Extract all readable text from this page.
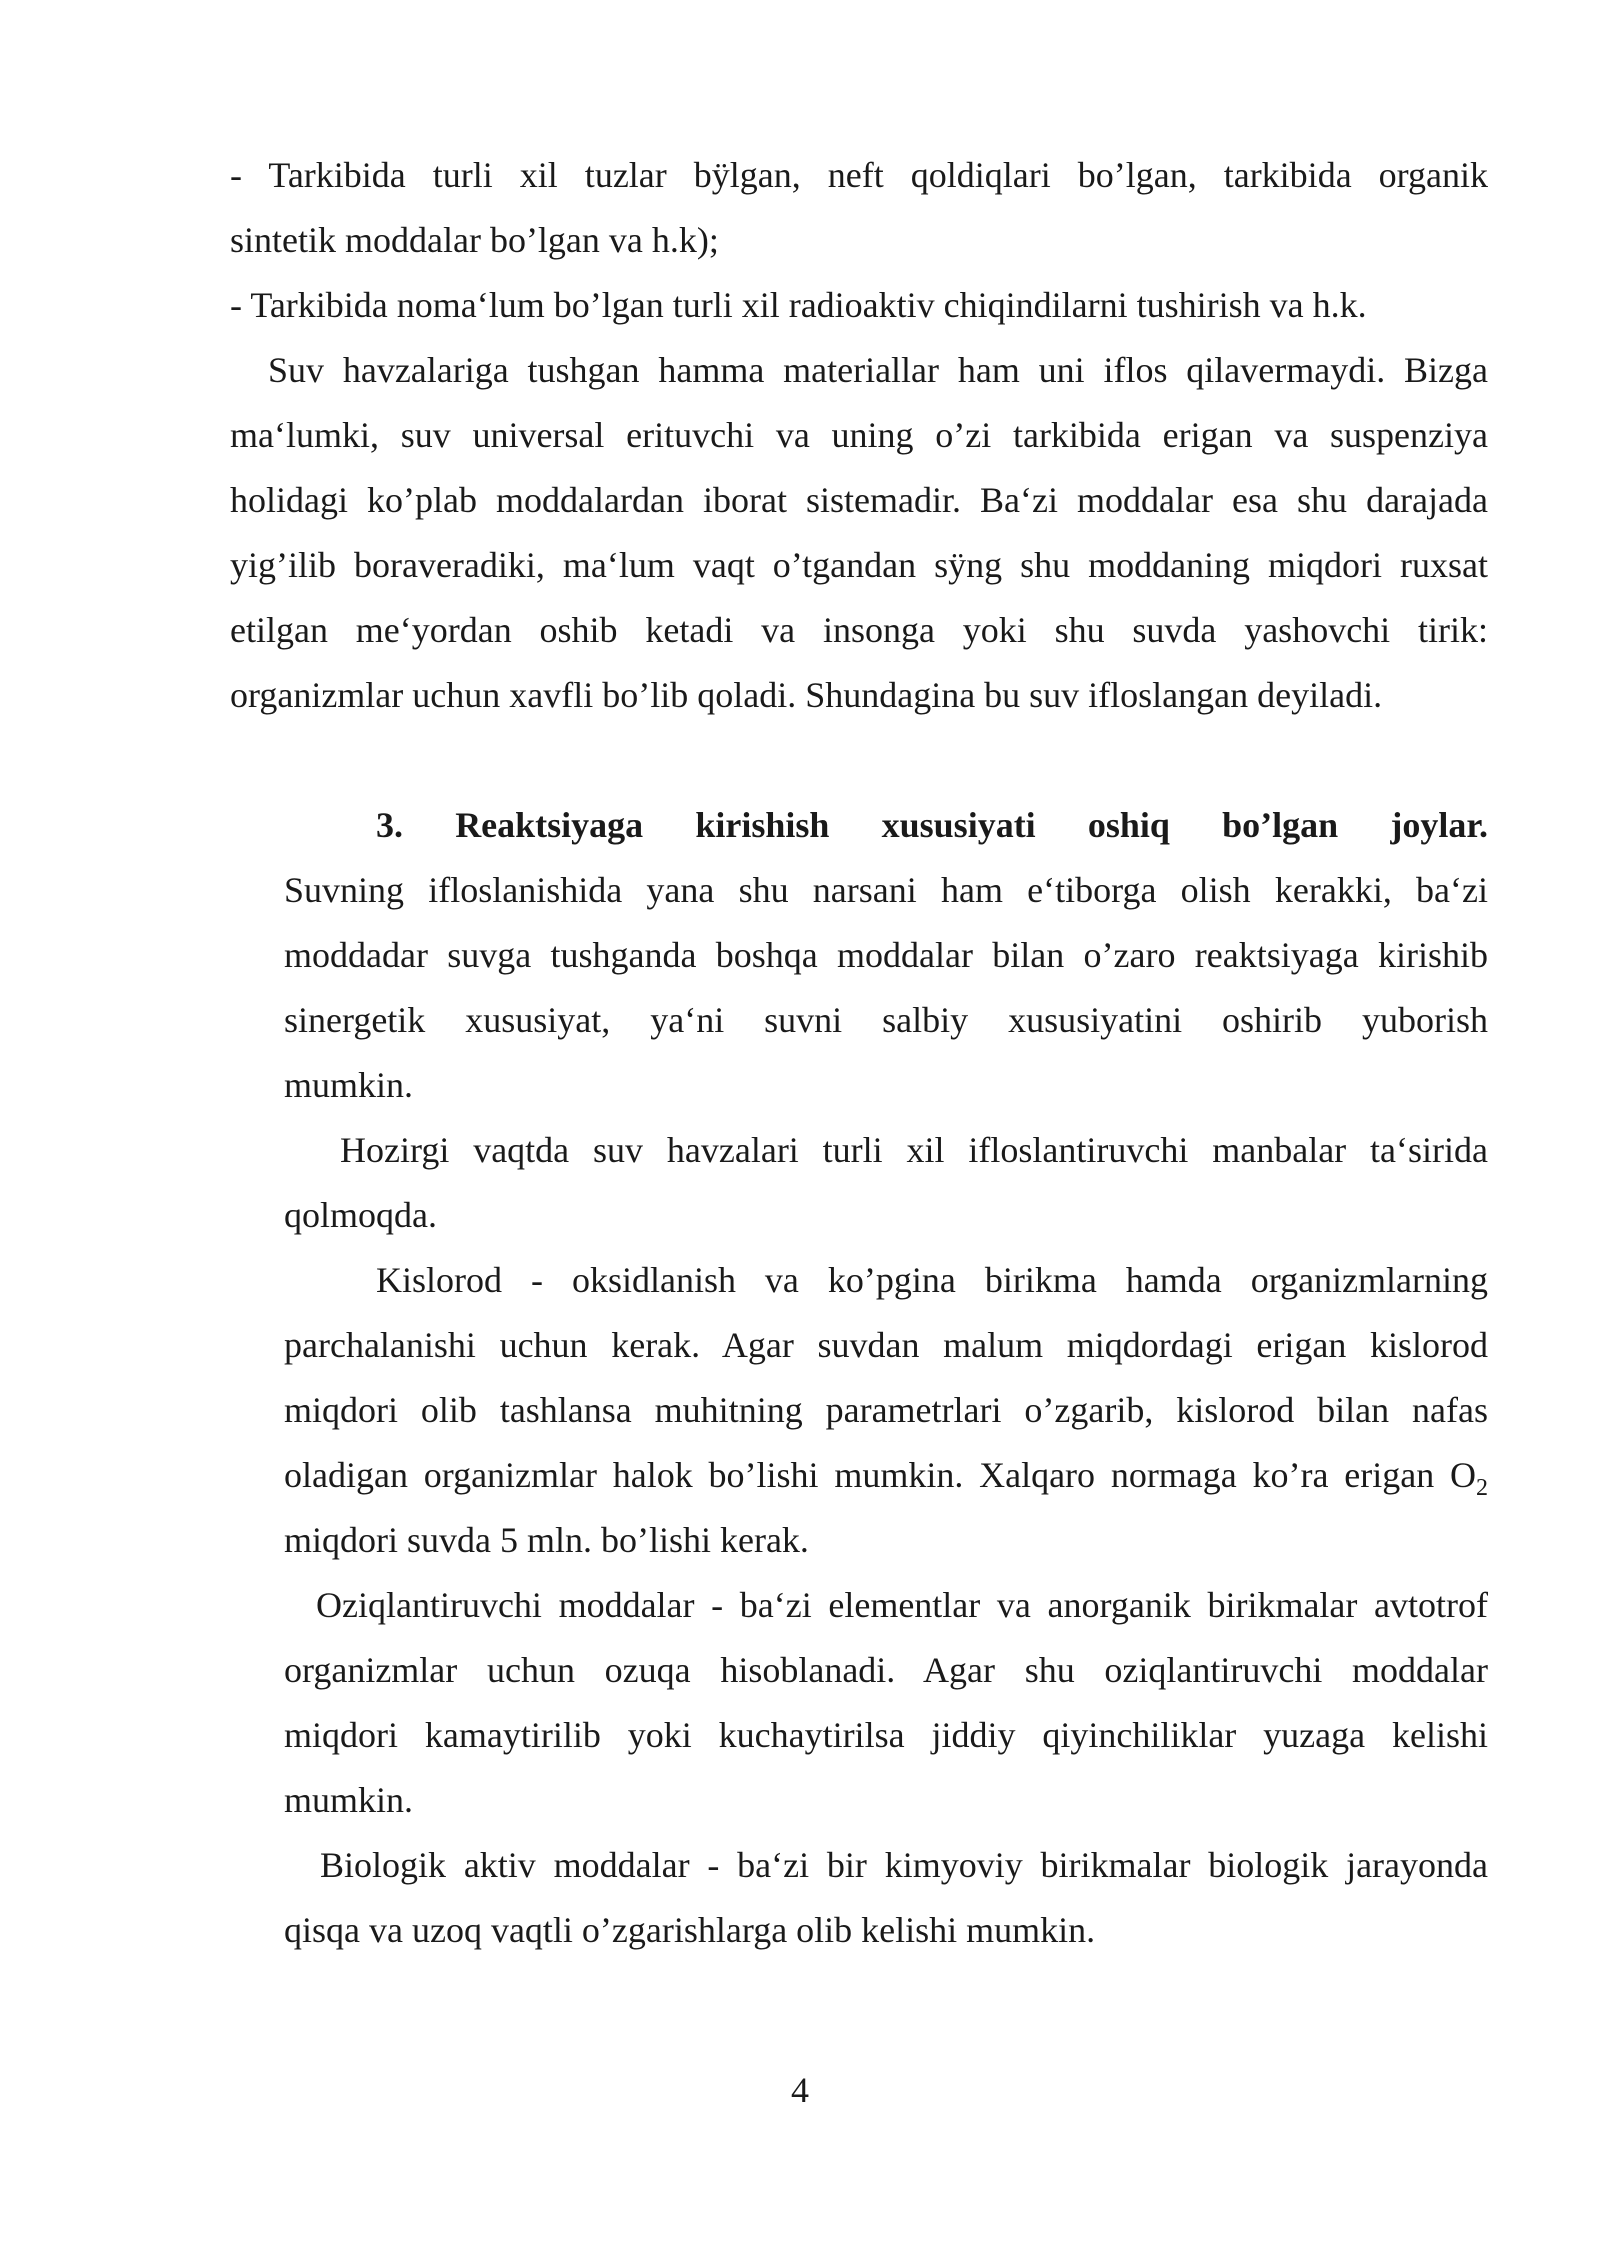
- Tarkibida turli xil tuzlar bÿlgan, neft qoldiqlari bo’lgan, tarkibida organik

sintetik moddalar bo’lgan va h.k);

- Tarkibida noma‘lum bo’lgan turli xil radioaktiv chiqindilarni tushirish va h.k.

Suv havzalariga tushgan hamma materiallar ham uni iflos qilavermaydi. Bizga

ma‘lumki, suv universal erituvchi va uning o’zi tarkibida erigan va suspenziya

holidagi ko’plab moddalardan iborat sistemadir. Ba‘zi moddalar esa shu darajada

yig’ilib boraveradiki, ma‘lum vaqt o’tgandan sÿng shu moddaning miqdori ruxsat

etilgan me‘yordan oshib ketadi va insonga yoki shu suvda yashovchi tirik:

organizmlar uchun xavfli bo’lib qoladi. Shundagina bu suv ifloslangan deyiladi.

3. Reaktsiyaga kirishish xususiyati oshiq bo’lgan joylar.

Suvning ifloslanishida yana shu narsani ham e‘tiborga olish kerakki, ba‘zi

moddadar suvga tushganda boshqa moddalar bilan o’zaro reaktsiyaga kirishib

sinergetik xususiyat, ya‘ni suvni salbiy xususiyatini oshirib yuborish

mumkin.

Hozirgi vaqtda suv havzalari turli xil ifloslantiruvchi manbalar ta‘sirida

qolmoqda.

Kislorod - oksidlanish va ko’pgina birikma hamda organizmlarning

parchalanishi uchun kerak. Agar suvdan malum miqdordagi erigan kislorod

miqdori olib tashlansa muhitning parametrlari o’zgarib, kislorod bilan nafas

oladigan organizmlar halok bo’lishi mumkin. Xalqaro normaga ko’ra erigan O 2

miqdori suvda 5 mln. bo’lishi kerak.

Oziqlantiruvchi moddalar - ba‘zi elementlar va anorganik birikmalar avtotrof

organizmlar uchun ozuqa hisoblanadi. Agar shu oziqlantiruvchi moddalar

miqdori kamaytirilib yoki kuchaytirilsa jiddiy qiyinchiliklar yuzaga kelishi

mumkin.

Biologik aktiv moddalar - ba‘zi bir kimyoviy birikmalar biologik jarayonda

qisqa va uzoq vaqtli o’zgarishlarga olib kelishi mumkin.

4
